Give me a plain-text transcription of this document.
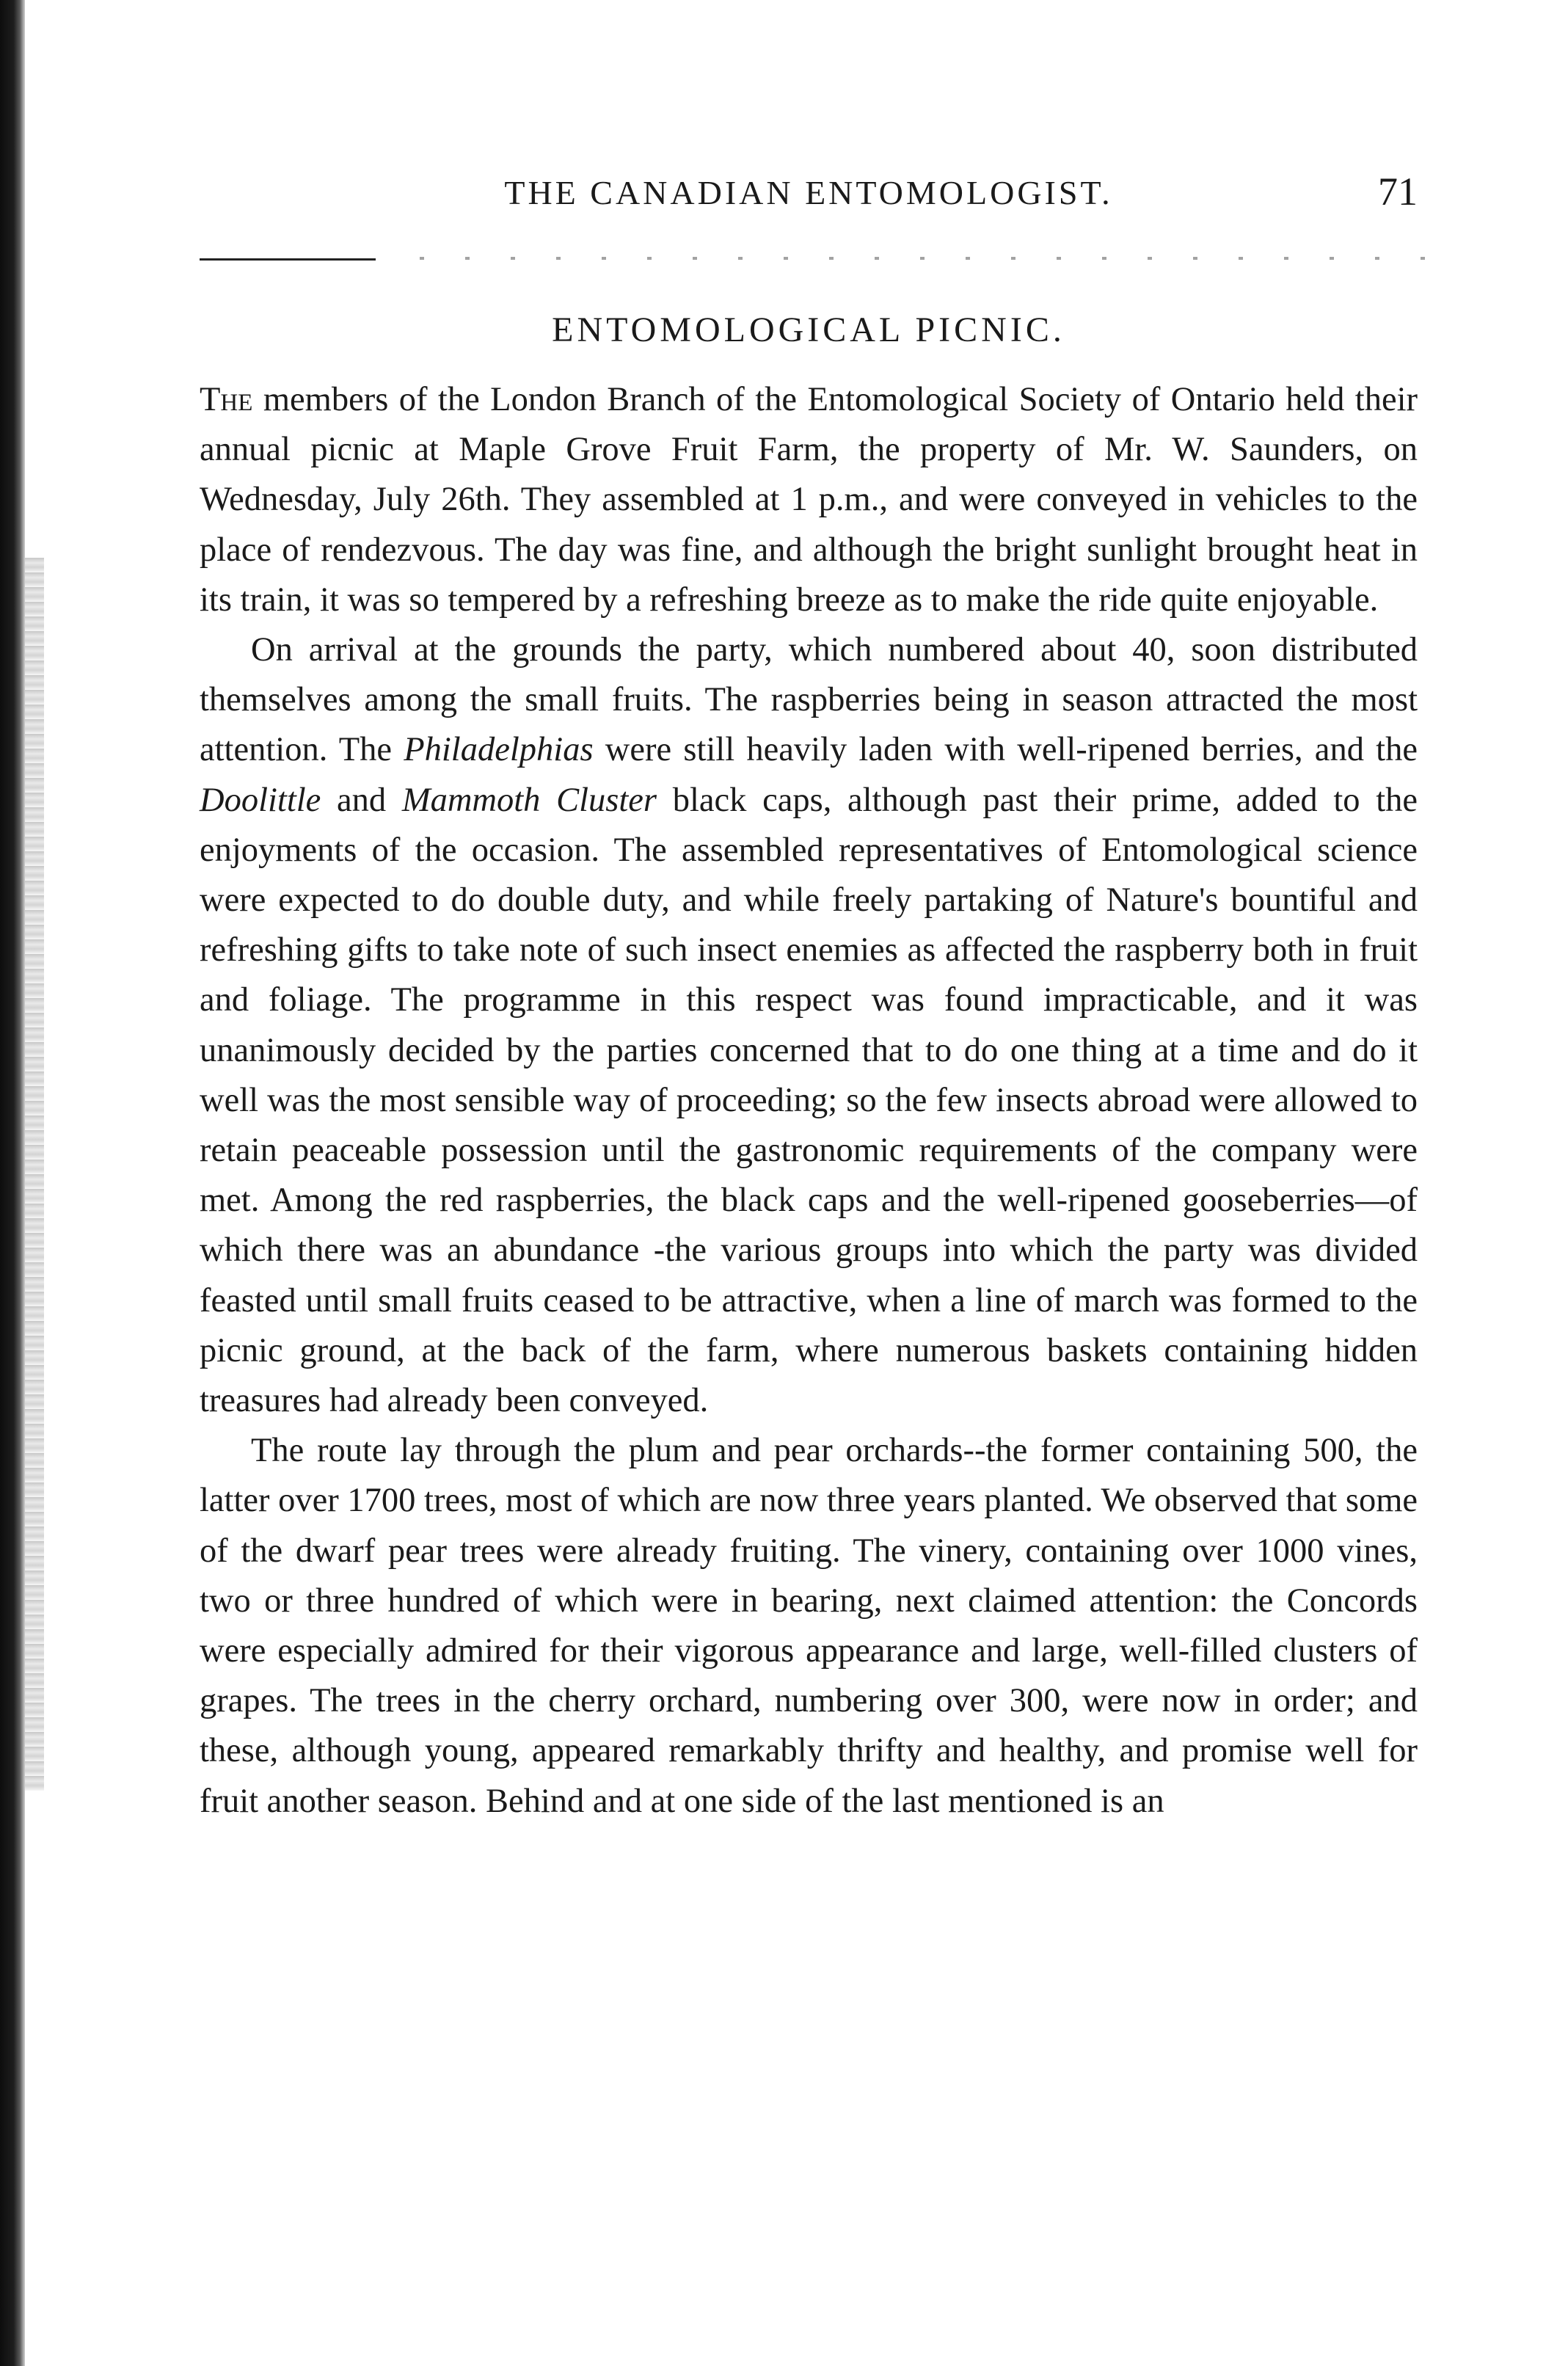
THE CANADIAN ENTOMOLOGIST.	71
ENTOMOLOGICAL PICNIC.

The members of the London Branch of the Entomological Society of Ontario held their annual picnic at Maple Grove Fruit Farm, the property of Mr. W. Saunders, on Wednesday, July 26th. They assembled at 1 p.m., and were conveyed in vehicles to the place of rendezvous. The day was fine, and although the bright sunlight brought heat in its train, it was so tempered by a refreshing breeze as to make the ride quite enjoyable.

On arrival at the grounds the party, which numbered about 40, soon distributed themselves among the small fruits. The raspberries being in season attracted the most attention. The Philadelphias were still heavily laden with well-ripened berries, and the Doolittle and Mammoth Cluster black caps, although past their prime, added to the enjoyments of the occasion. The assembled representatives of Entomological science were expected to do double duty, and while freely partaking of Nature's bountiful and refreshing gifts to take note of such insect enemies as affected the raspberry both in fruit and foliage. The programme in this respect was found impracticable, and it was unanimously decided by the parties concerned that to do one thing at a time and do it well was the most sensible way of proceeding; so the few insects abroad were allowed to retain peaceable possession until the gastronomic requirements of the company were met. Among the red raspberries, the black caps and the well-ripened gooseberries—of which there was an abundance -the various groups into which the party was divided feasted until small fruits ceased to be attractive, when a line of march was formed to the picnic ground, at the back of the farm, where numerous baskets containing hidden treasures had already been conveyed.

The route lay through the plum and pear orchards--the former containing 500, the latter over 1700 trees, most of which are now three years planted. We observed that some of the dwarf pear trees were already fruiting. The vinery, containing over 1000 vines, two or three hundred of which were in bearing, next claimed attention: the Concords were especially admired for their vigorous appearance and large, well-filled clusters of grapes. The trees in the cherry orchard, numbering over 300, were now in order; and these, although young, appeared remarkably thrifty and healthy, and promise well for fruit another season. Behind and at one side of the last mentioned is an
